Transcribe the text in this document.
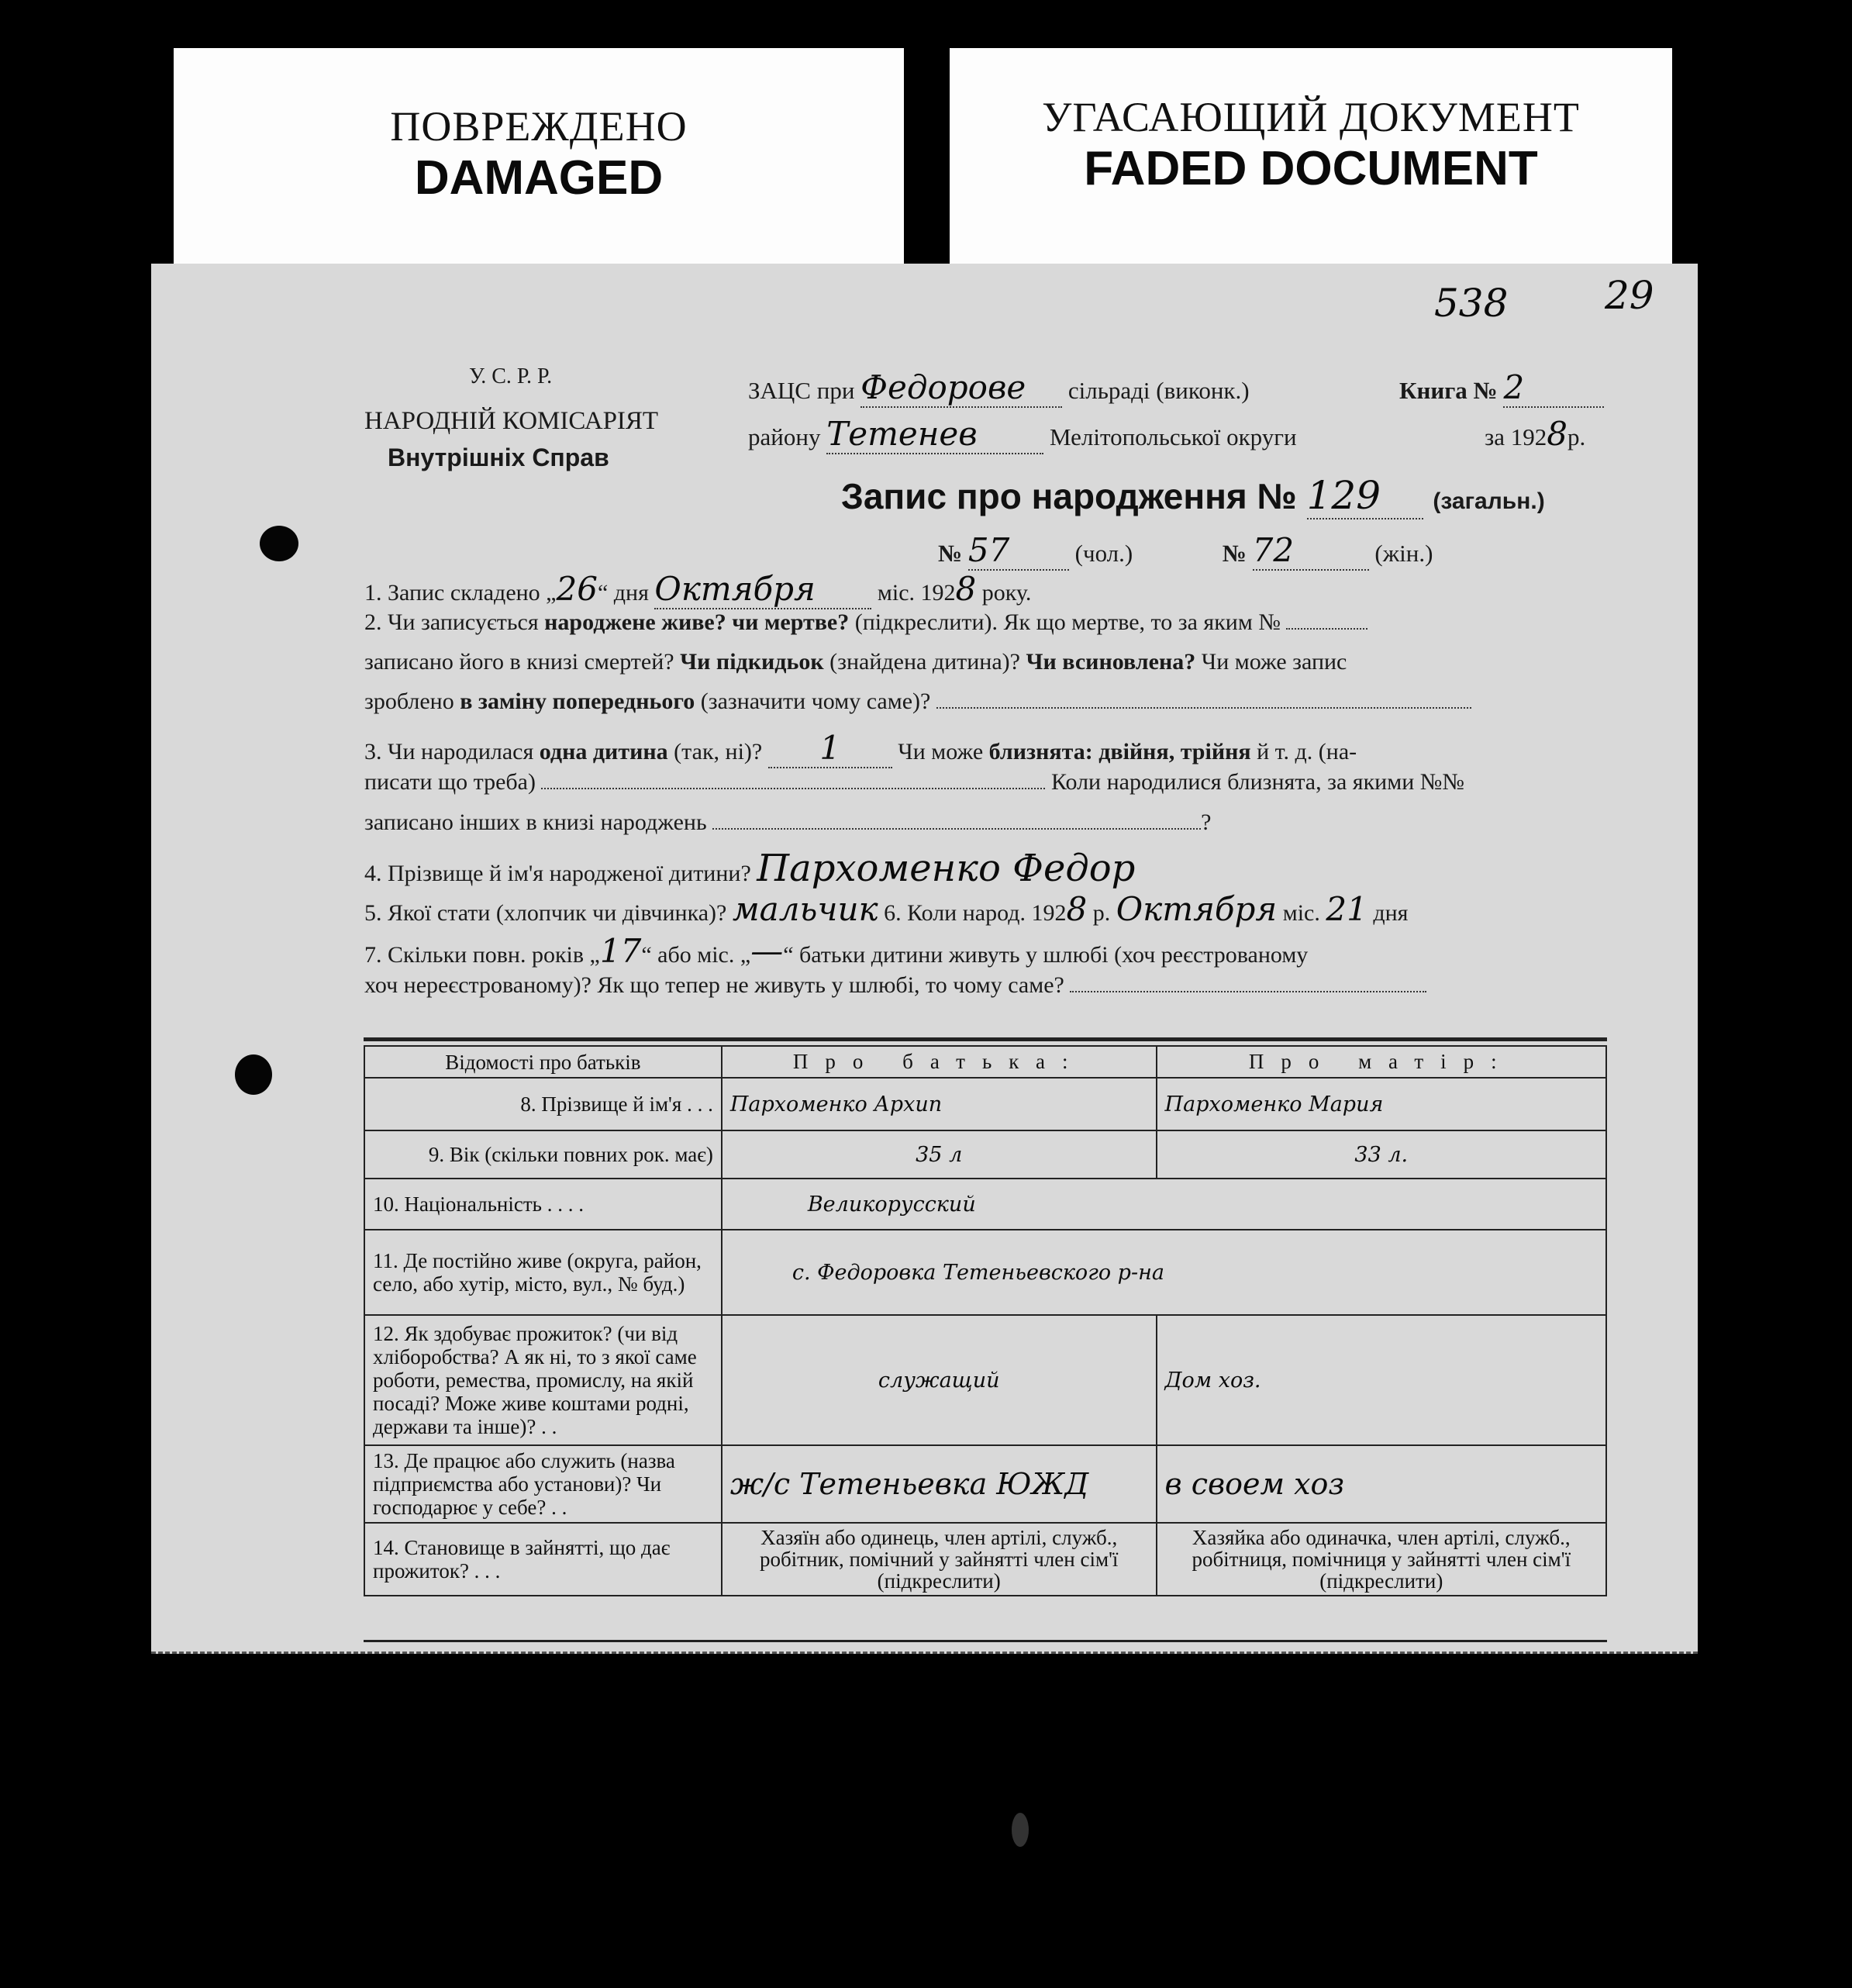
ПОВРЕЖДЕНО
DAMAGED
УГАСАЮЩИЙ ДОКУМЕНТ
FADED DOCUMENT
538 29
У. С. Р. Р.
НАРОДНІЙ КОМІСАРІЯТ
Внутрішніх Справ
ЗАЦС при Федорове сільраді (виконк.)	Книга № 2
району Тетенев	Мелітопольської округи	за 1928р.
Запис про народження № 129 (загальн.)
№ 57	(чол.)	№ 72	(жін.)
1. Запис складено „26“ дня Октября	міс. 1928 року.
2. Чи записується народжене живе? чи мертве? (підкреслити). Як що мертве, то за яким №
записано його в книзі смертей? Чи підкидьок (знайдена дитина)? Чи всиновлена? Чи може запис
зроблено в заміну попереднього (зазначити чому саме)?
3. Чи народилася одна дитина (так, ні)? 1 Чи може близнята: двійня, трійня й т. д. (на-
писати що треба)	Коли народилися близнята, за якими №№
записано інших в книзі народжень	?
4. Прізвище й ім'я народженої дитини? Пархоменко Федор
5. Якої стати (хлопчик чи дівчинка)? мальчик 6. Коли народ. 1928 р. Октября міс. 21 дня
7. Скільки повн. років „17“ або міс. „—“ батьки дитини живуть у шлюбі (хоч реєстрованому
хоч нереєстрованому)? Як що тепер не живуть у шлюбі, то чому саме?
Відомості про батьків	Про батька:	Про матір:
8. Прізвище й ім'я . . .	Пархоменко Архип	Пархоменко Мария
9. Вік (скільки повних рок. має)	35 л	33 л.
10. Національність . . . .	Великорусский	
11. Де постійно живе (округа, район, село, або хутір, місто, вул., № буд.)	с. Федоровка Тетеньевского р-на	
12. Як здобуває прожиток? (чи від хліборобства? А як ні, то з якої саме роботи, ремества, промислу, на якій посаді? Може живе коштами родні, держави та інше)? . .	служащий	Дом хоз.
13. Де працює або служить (назва підприємства або установи)? Чи господарює у себе? . .	ж/с Тетеньевка ЮЖД	в своем хоз
14. Становище в зайнятті, що дає прожиток? . . .	Хазяїн або одинець, член артілі, служб., робітник, помічний у зайнятті член сім'ї (підкреслити)	Хазяйка або одиначка, член артілі, служб., робітниця, помічниця у зайнятті член сім'ї (підкреслити)
